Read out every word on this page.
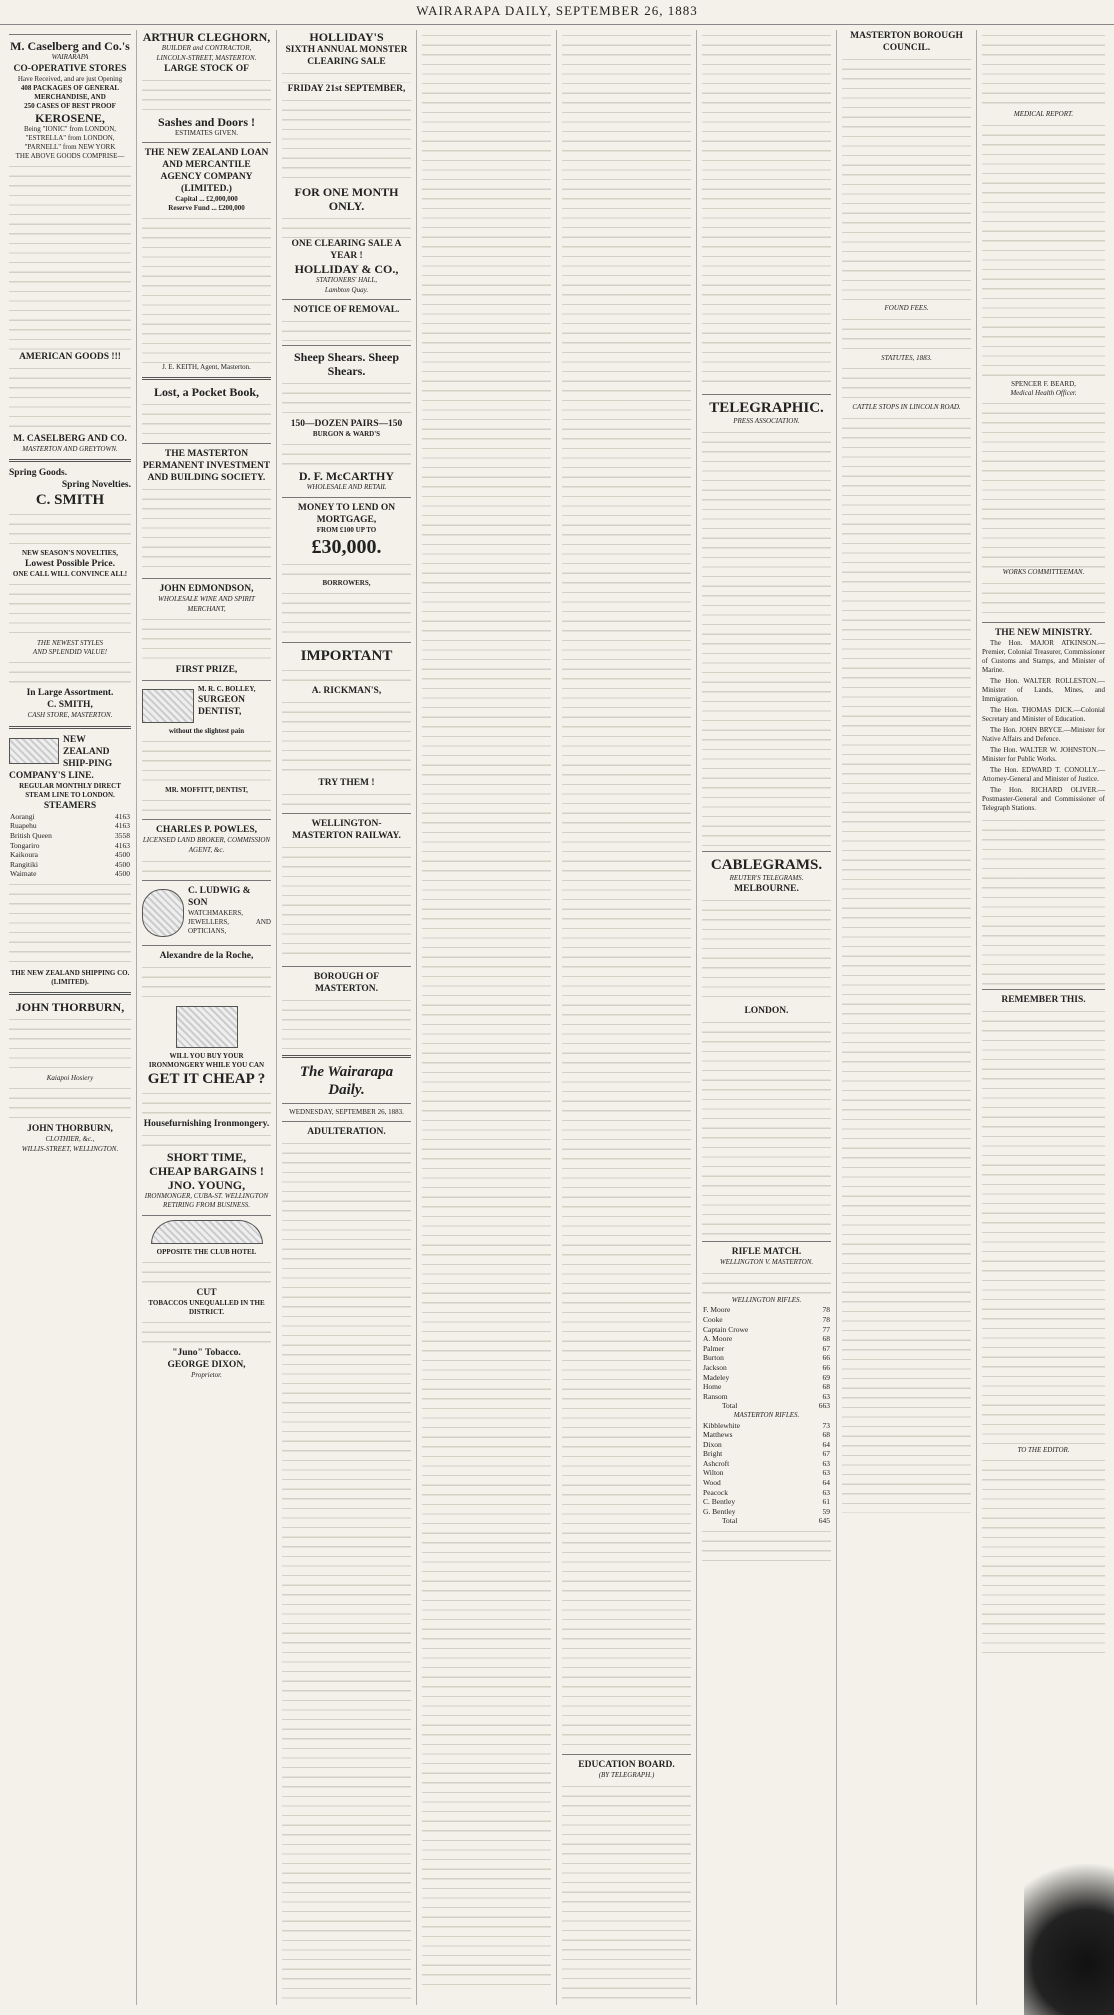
WAIRARAPA DAILY, SEPTEMBER 26, 1883
M. Caselberg and Co.'s
WAIRARAPA
CO-OPERATIVE STORES
Have Received, and are just Opening
408 PACKAGES OF GENERAL MERCHANDISE, AND
250 CASES OF BEST PROOF
KEROSENE,
Being "IONIC" from LONDON, "ESTRELLA" from LONDON, "PARNELL" from NEW YORK
THE ABOVE GOODS COMPRISE—
AMERICAN GOODS !!!
M. CASELBERG AND CO.
MASTERTON AND GREYTOWN.
Spring Goods.
Spring Novelties.
C. SMITH
NEW SEASON'S NOVELTIES,
Lowest Possible Price.
ONE CALL WILL CONVINCE ALL!
THE NEWEST STYLES
AND SPLENDID VALUE!
In Large Assortment.
C. SMITH,
CASH STORE, MASTERTON.
NEW ZEALAND SHIP-PING COMPANY'S LINE.
REGULAR MONTHLY DIRECT STEAM LINE TO LONDON.
STEAMERS
Aorangi	4163
Ruapehu	4163
British Queen	3558
Tongariro	4163
Kaikoura	4500
Rangitiki	4500
Waimate	4500
THE NEW ZEALAND SHIPPING CO. (LIMITED).
JOHN THORBURN,
Kaiapoi Hosiery
JOHN THORBURN,
CLOTHIER, &c.,
WILLIS-STREET, WELLINGTON.
ARTHUR CLEGHORN,
BUILDER and CONTRACTOR,
LINCOLN-STREET, MASTERTON.
LARGE STOCK OF
Sashes and Doors !
ESTIMATES GIVEN.
THE NEW ZEALAND LOAN AND MERCANTILE AGENCY COMPANY (LIMITED.)
Capital ... £2,000,000
Reserve Fund ... £200,000
J. E. KEITH, Agent, Masterton.
Lost, a Pocket Book,
THE MASTERTON PERMANENT INVESTMENT AND BUILDING SOCIETY.
JOHN EDMONDSON,
WHOLESALE WINE AND SPIRIT MERCHANT,
FIRST PRIZE,
M. R. C. BOLLEY,
SURGEON
DENTIST,
without the slightest pain
MR. MOFFITT, DENTIST,
CHARLES P. POWLES,
LICENSED LAND BROKER, COMMISSION AGENT, &c.
C. LUDWIG & SON
WATCHMAKERS, JEWELLERS, AND OPTICIANS,
Alexandre de la Roche,
WILL YOU BUY YOUR IRONMONGERY WHILE YOU CAN
GET IT CHEAP ?
Housefurnishing Ironmongery.
SHORT TIME,
CHEAP BARGAINS !
JNO. YOUNG,
IRONMONGER, CUBA-ST. WELLINGTON
RETIRING FROM BUSINESS.
OPPOSITE THE CLUB HOTEL
CUT
TOBACCOS UNEQUALLED IN THE DISTRICT.
"Juno" Tobacco.
GEORGE DIXON,
Proprietor.
HOLLIDAY'S
SIXTH ANNUAL MONSTER CLEARING SALE
FRIDAY 21st SEPTEMBER,
FOR ONE MONTH ONLY.
ONE CLEARING SALE A YEAR !
HOLLIDAY & CO.,
STATIONERS' HALL,
Lambton Quay.
NOTICE OF REMOVAL.
Sheep Shears. Sheep Shears.
150—DOZEN PAIRS—150
BURGON & WARD'S
D. F. McCARTHY
WHOLESALE AND RETAIL
MONEY TO LEND ON MORTGAGE,
FROM £100 UP TO
£30,000.
BORROWERS,
IMPORTANT
A. RICKMAN'S,
TRY THEM !
WELLINGTON-MASTERTON RAILWAY.
BOROUGH OF MASTERTON.
The Wairarapa Daily.
WEDNESDAY, SEPTEMBER 26, 1883.
ADULTERATION.
EDUCATION BOARD.
(BY TELEGRAPH.)
TELEGRAPHIC.
PRESS ASSOCIATION.
CABLEGRAMS.
REUTER'S TELEGRAMS.
MELBOURNE.
LONDON.
RIFLE MATCH.
WELLINGTON V. MASTERTON.
WELLINGTON RIFLES.
F. Moore	78
Cooke	78
Captain Crowe	77
A. Moore	68
Palmer	67
Burton	66
Jackson	66
Madeley	69
Home	68
Ransom	63
Total	663
MASTERTON RIFLES.
Kibblewhite	73
Matthews	68
Dixon	64
Bright	67
Ashcroft	63
Wilton	63
Wood	64
Peacock	63
C. Bentley	61
G. Bentley	59
Total	645
MASTERTON BOROUGH COUNCIL.
FOUND FEES.
STATUTES, 1883.
CATTLE STOPS IN LINCOLN ROAD.
MEDICAL REPORT.
SPENCER F. BEARD,
Medical Health Officer.
WORKS COMMITTEEMAN.
THE NEW MINISTRY.
The Hon. MAJOR ATKINSON.—Premier, Colonial Treasurer, Commissioner of Customs and Stamps, and Minister of Marine.
The Hon. WALTER ROLLESTON.—Minister of Lands, Mines, and Immigration.
The Hon. THOMAS DICK.—Colonial Secretary and Minister of Education.
The Hon. JOHN BRYCE.—Minister for Native Affairs and Defence.
The Hon. WALTER W. JOHNSTON.—Minister for Public Works.
The Hon. EDWARD T. CONOLLY.—Attorney-General and Minister of Justice.
The Hon. RICHARD OLIVER.—Postmaster-General and Commissioner of Telegraph Stations.
REMEMBER THIS.
TO THE EDITOR.
